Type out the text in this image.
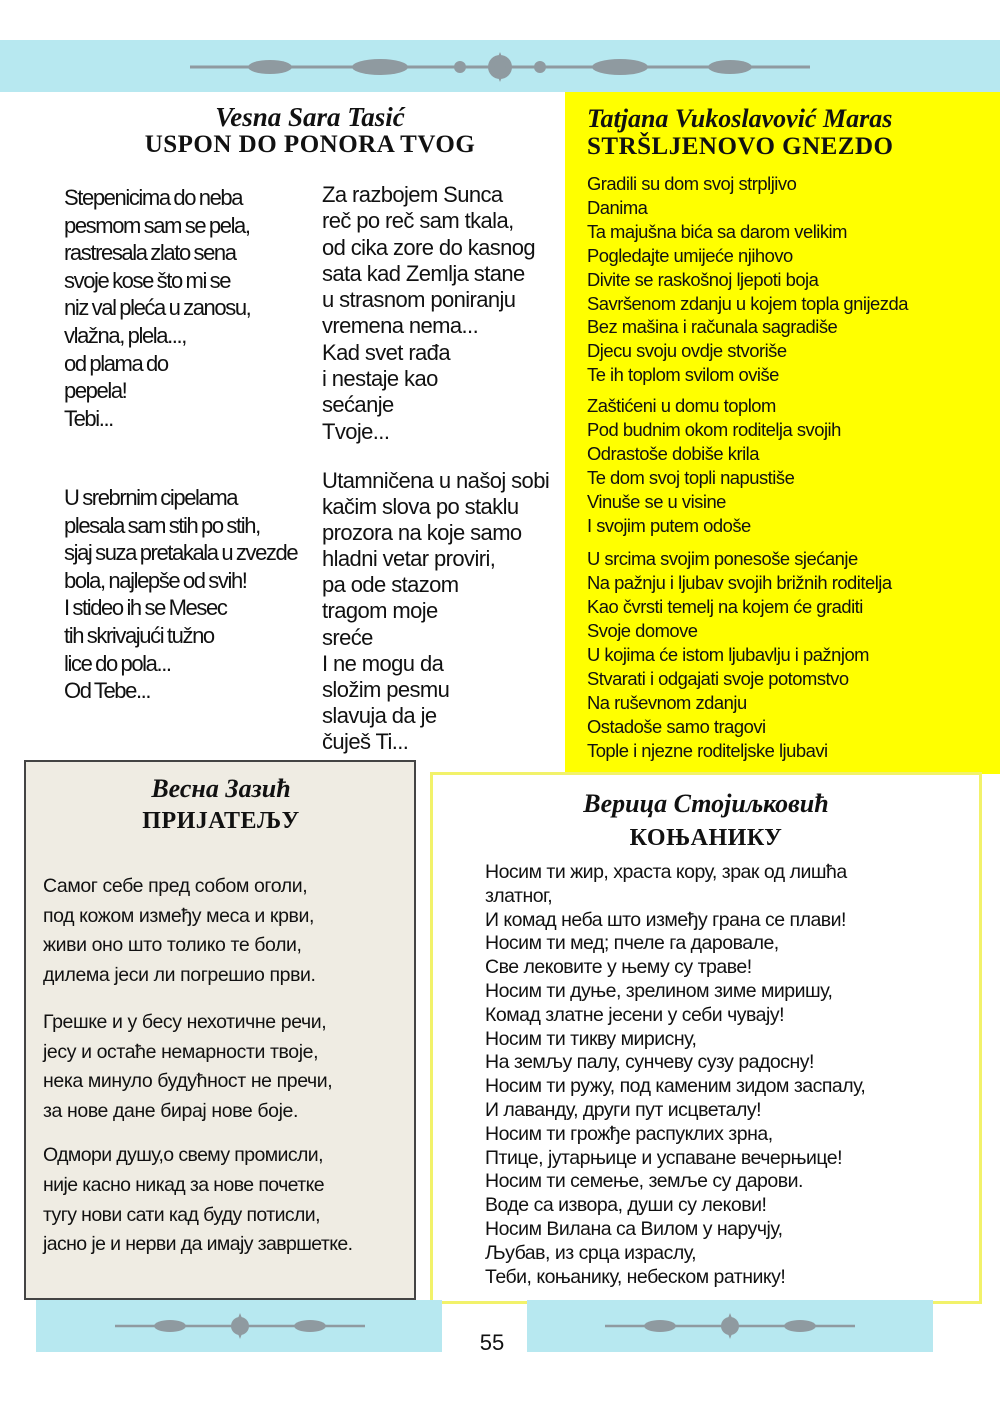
Vesna Sara Tasić
USPON DO PONORA TVOG
Stepenicima do neba
pesmom sam se pela,
rastresala zlato sena
svoje kose što mi se
niz val pleća u zanosu,
vlažna, plela...,
od plama do
pepela!
Tebi...
U srebrnim cipelama
plesala sam stih po stih,
sjaj suza pretakala u zvezde
bola, najlepše od svih!
I stideo ih se Mesec
tih skrivajući tužno
lice do pola...
Od Tebe...
Za razbojem Sunca
reč po reč sam tkala,
od cika zore do kasnog
sata kad Zemlja stane
u strasnom poniranju
vremena nema...
Kad svet rađa
i nestaje kao
sećanje
Tvoje...
Utamničena u našoj sobi
kačim slova po staklu
prozora na koje samo
hladni vetar proviri,
pa ode stazom
tragom moje
sreće
I ne mogu da
složim pesmu
slavuja da je
čuješ Ti...
Tatjana Vukoslavović Maras
STRŠLJENOVO GNEZDO
Gradili su dom svoj strpljivo
Danima
Ta majušna bića sa darom velikim
Pogledajte umijeće njihovo
Divite se raskošnoj ljepoti boja
Savršenom zdanju u kojem topla gnijezda
Bez mašina i računala sagradiše
Djecu svoju ovdje stvoriše
Te ih toplom svilom oviše
Zaštićeni u domu toplom
Pod budnim okom roditelja svojih
Odrastoše dobiše krila
Te dom svoj topli napustiše
Vinuše se u visine
I svojim putem odoše
U srcima svojim ponesoše sjećanje
Na pažnju i ljubav svojih brižnih roditelja
Kao čvrsti temelj na kojem će graditi
Svoje domove
U kojima će istom ljubavlju i pažnjom
Stvarati i odgajati svoje potomstvo
Na ruševnom zdanju
Ostadoše samo tragovi
Tople i njezne roditeljske ljubavi
Весна Зазић
ПРИЈАТЕЉУ
Самог себе пред собом оголи,
под кожом између меса и крви,
живи оно што толико те боли,
дилема јеси ли погрешио први.
Грешке и у бесу нехотичне речи,
јесу и остаће немарности твоје,
нека минуло будућност не пречи,
за нове дане бирај нове боје.
Одмори душу,о свему промисли,
није касно никад за нове почетке
тугу нови сати кад буду потисли,
јасно је и нерви да имају завршетке.
Верица Стојиљковић
КОЊАНИКУ
Носим ти жир, храста кору, зрак од лишћа
златног,
И комад неба што између грана се плави!
Носим ти мед; пчеле га даровале,
Све лековите у њему су траве!
Носим ти дуње, зрелином зиме миришу,
Комад златне јесени у себи чувају!
Носим ти тикву мирисну,
На земљу палу, сунчеву сузу радосну!
Носим ти ружу, под каменим зидом заспалу,
И лаванду, други пут исцветалу!
Носим ти грожђе распуклих зрна,
Птице, јутарњице и успаване вечерњице!
Носим ти семење, земље су дарови.
Воде са извора, души су лекови!
Носим Вилана са Вилом у наручју,
Љубав, из срца израслу,
Теби, коњанику, небеском ратнику!
55
